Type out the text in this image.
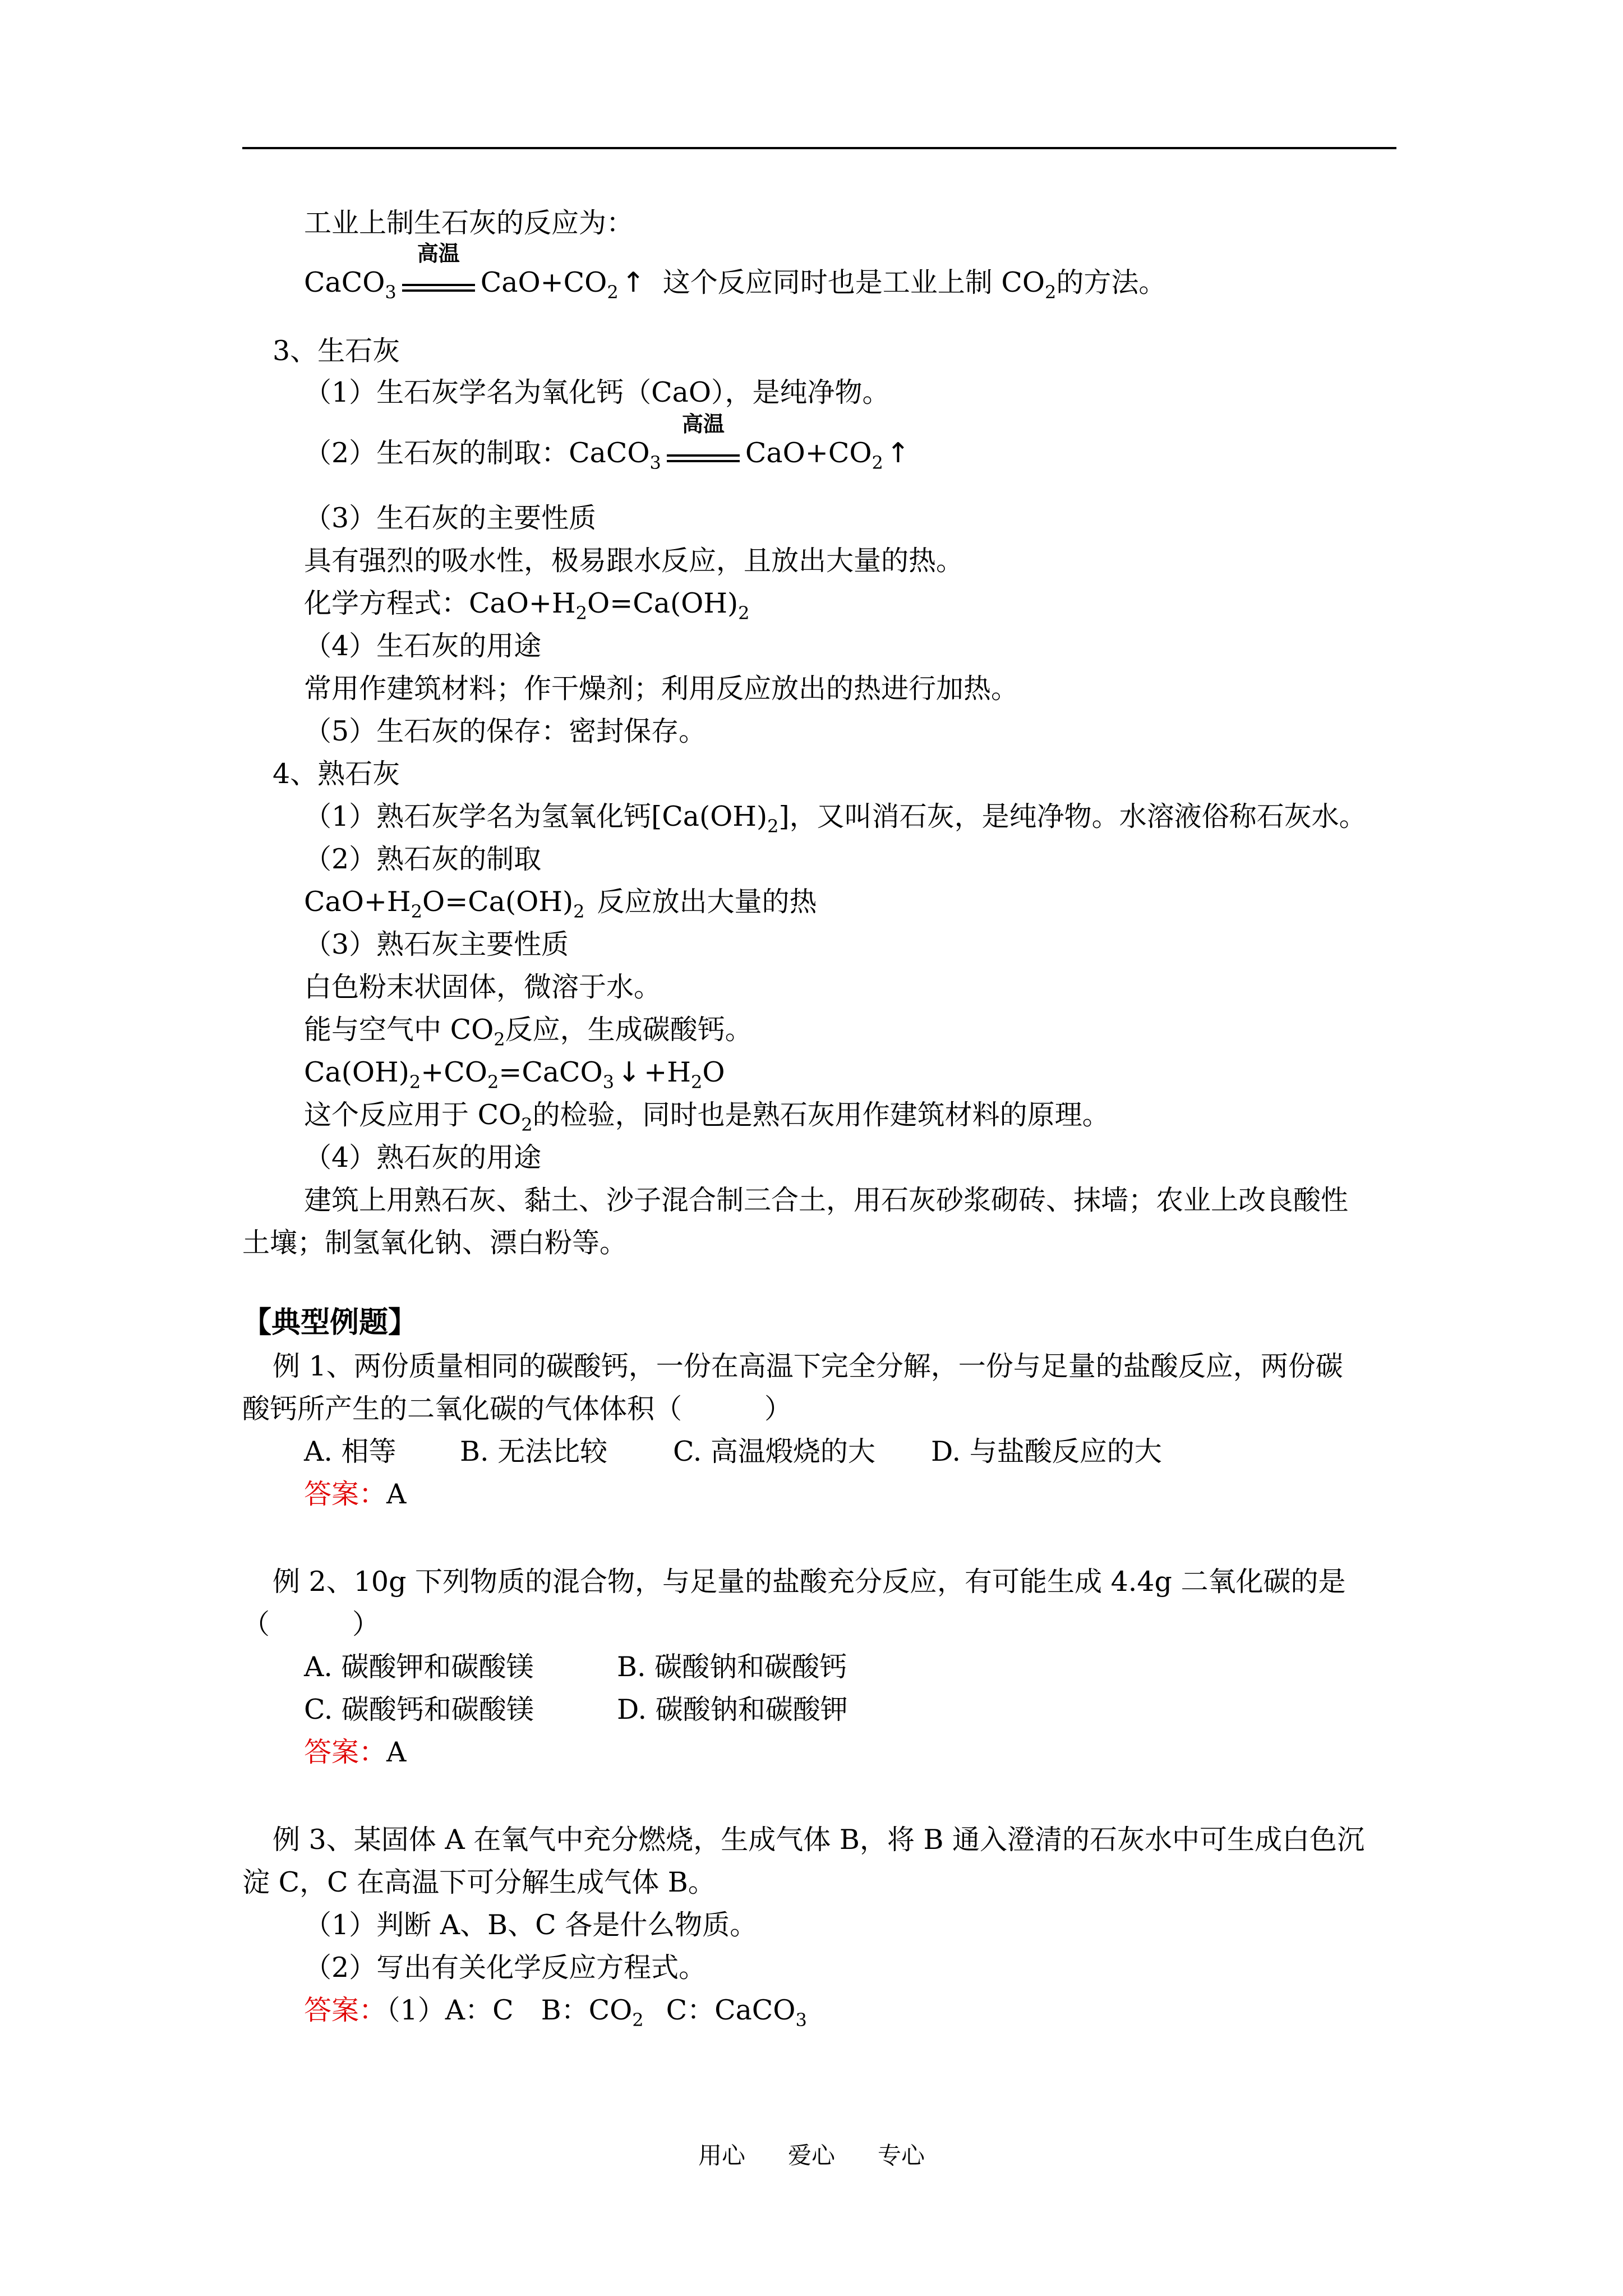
工业上制生石灰的反应为：
CaCO$_3$
高温
$CaO+CO_2$ ↑ 这个反应同时也是工业上制 $CO_2$的方法。
3、生石灰
（1）生石灰学名为氧化钙（CaO），是纯净物。
（2）生石灰的制取：CaCO$_3$
高温
$CaO+CO_2$ ↑
（3）生石灰的主要性质
具有强烈的吸水性，极易跟水反应，且放出大量的热。
化学方程式：$CaO+H_2O=Ca(OH)_2$
（4）生石灰的用途
常用作建筑材料；作干燥剂；利用反应放出的热进行加热。
（5）生石灰的保存：密封保存。
4、熟石灰
（1）熟石灰学名为氢氧化钙$[Ca(OH)_2]$，又叫消石灰，是纯净物。水溶液俗称石灰水。
（2）熟石灰的制取
$CaO+H_2O=Ca(OH)_2$ 反应放出大量的热
（3）熟石灰主要性质
白色粉末状固体，微溶于水。
能与空气中 $CO_2$反应，生成碳酸钙。
$Ca(OH)_2+CO_2=CaCO_3$ ↓ $+H_2O$
这个反应用于 $CO_2$的检验，同时也是熟石灰用作建筑材料的原理。
（4）熟石灰的用途
建筑上用熟石灰、黏土、沙子混合制三合土，用石灰砂浆砌砖、抹墙；农业上改良酸性
土壤；制氢氧化钠、漂白粉等。
【典型例题】
例 1、两份质量相同的碳酸钙，一份在高温下完全分解，一份与足量的盐酸反应，两份碳
酸钙所产生的二氧化碳的气体体积（　　　）
A. 相等 B. 无法比较 C. 高温煅烧的大 D. 与盐酸反应的大
答案：A
例 2、10g 下列物质的混合物，与足量的盐酸充分反应，有可能生成 4.4g 二氧化碳的是
（　　　）
A. 碳酸钾和碳酸镁	B. 碳酸钠和碳酸钙
C. 碳酸钙和碳酸镁	D. 碳酸钠和碳酸钾
答案：A
例 3、某固体 A 在氧气中充分燃烧，生成气体 B，将 B 通入澄清的石灰水中可生成白色沉
淀 C，C 在高温下可分解生成气体 B。
（1）判断 A、B、C 各是什么物质。
（2）写出有关化学反应方程式。
答案：（1）A：C　B：$CO_2$ C：CaCO$_3$
用心 爱心 专心
